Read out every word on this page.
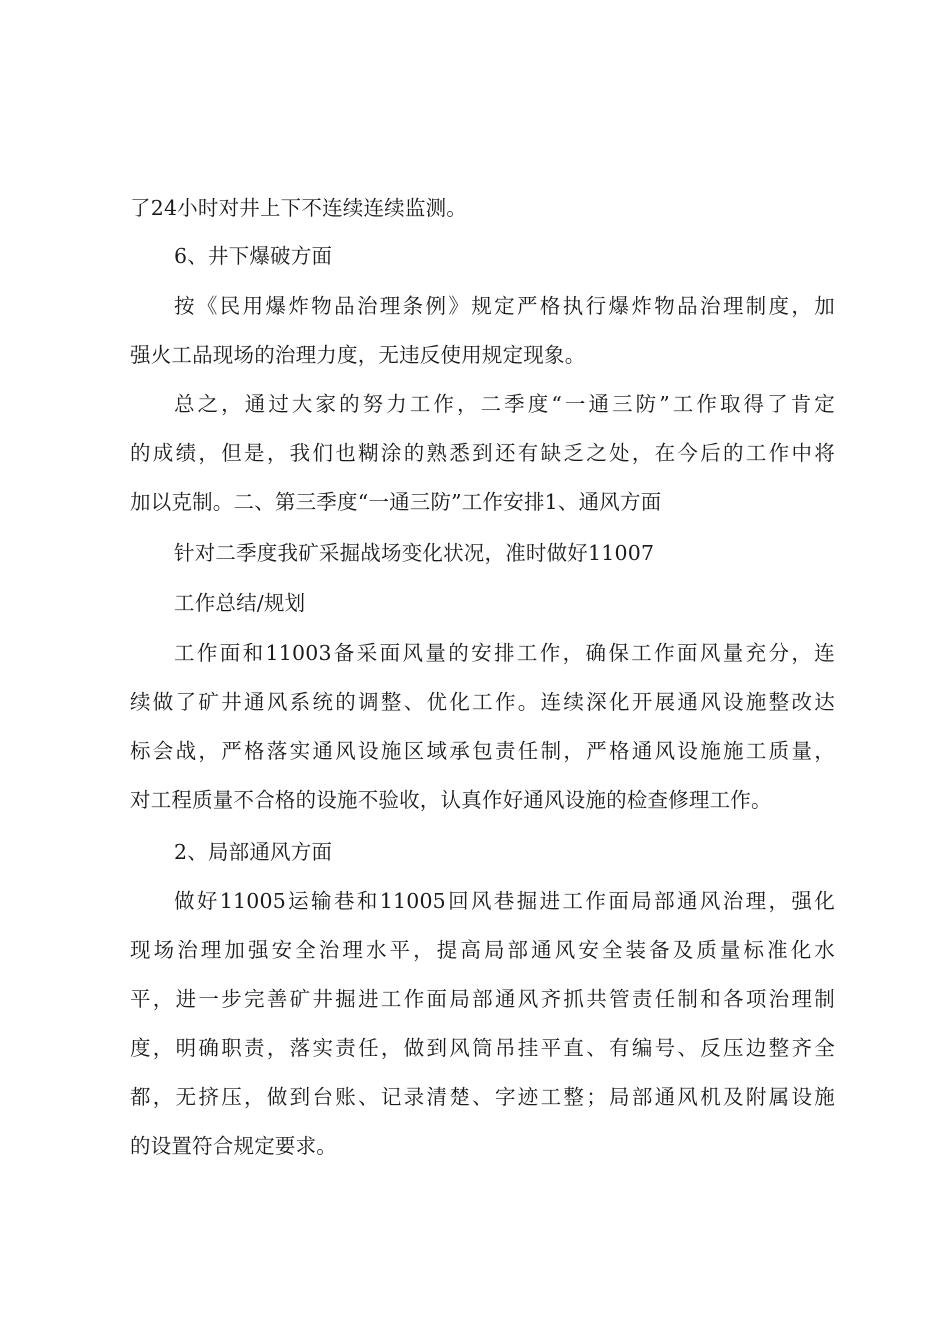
了24小时对井上下不连续连续监测。

6、井下爆破方面

按《民用爆炸物品治理条例》规定严格执行爆炸物品治理制度，加
强火工品现场的治理力度，无违反使用规定现象。

总之，通过大家的努力工作，二季度“一通三防”工作取得了肯定
的成绩，但是，我们也糊涂的熟悉到还有缺乏之处，在今后的工作中将
加以克制。二、第三季度“一通三防”工作安排1、通风方面

针对二季度我矿采掘战场变化状况，准时做好11007

工作总结/规划

工作面和11003备采面风量的安排工作，确保工作面风量充分，连
续做了矿井通风系统的调整、优化工作。连续深化开展通风设施整改达
标会战，严格落实通风设施区域承包责任制，严格通风设施施工质量，
对工程质量不合格的设施不验收，认真作好通风设施的检查修理工作。

2、局部通风方面

做好11005运输巷和11005回风巷掘进工作面局部通风治理，强化
现场治理加强安全治理水平，提高局部通风安全装备及质量标准化水
平，进一步完善矿井掘进工作面局部通风齐抓共管责任制和各项治理制
度，明确职责，落实责任，做到风筒吊挂平直、有编号、反压边整齐全
都，无挤压，做到台账、记录清楚、字迹工整；局部通风机及附属设施
的设置符合规定要求。
